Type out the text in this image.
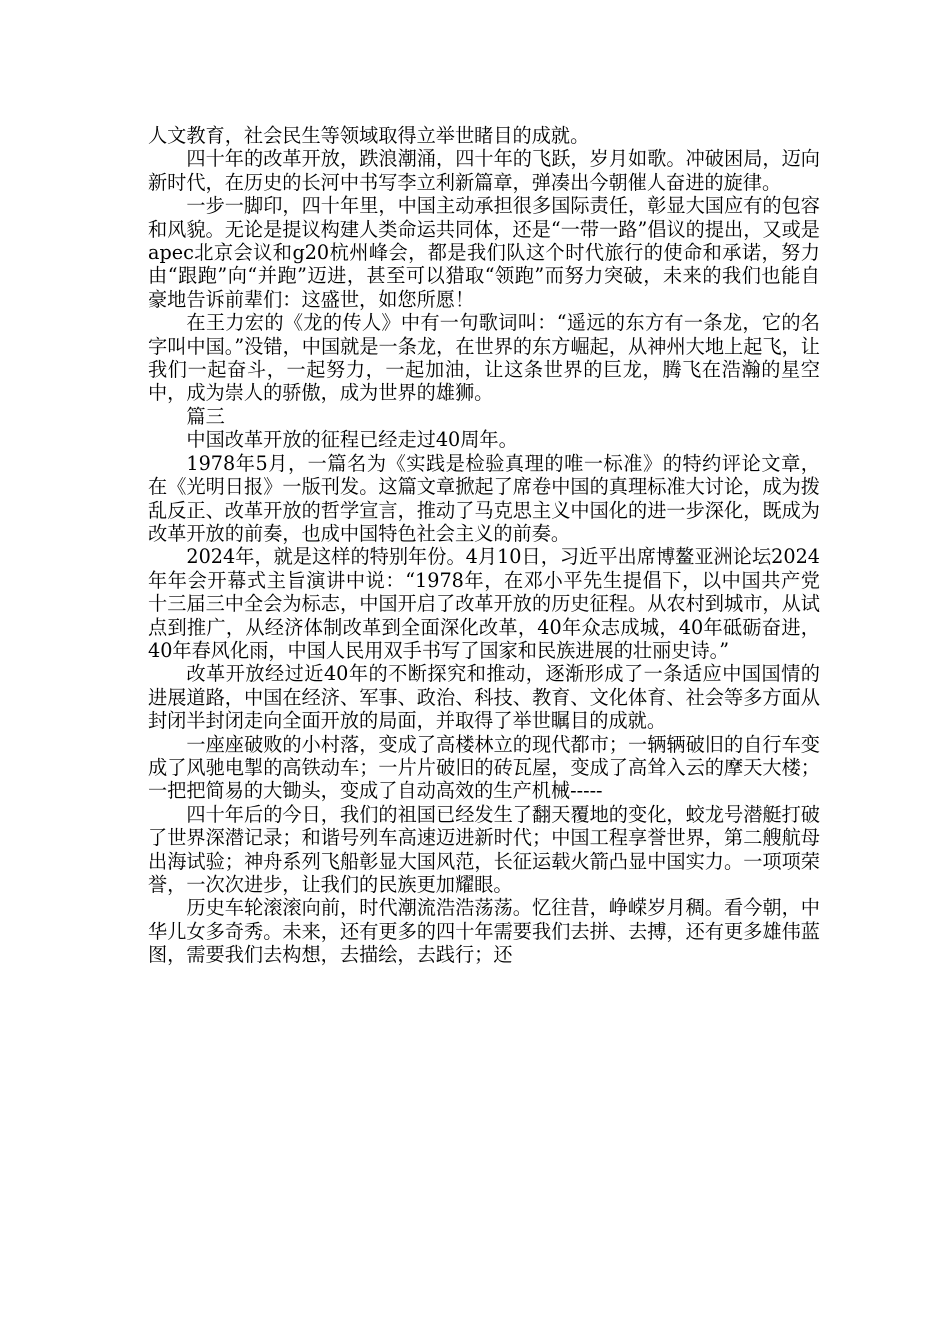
人文教育，社会民生等领域取得立举世睹目的成就。

四十年的改革开放，跌浪潮涌，四十年的飞跃，岁月如歌。冲破困局，迈向新时代，在历史的长河中书写李立利新篇章，弹凑出今朝催人奋进的旋律。

一步一脚印，四十年里，中国主动承担很多国际责任，彰显大国应有的包容和风貌。无论是提议构建人类命运共同体，还是“一带一路”倡议的提出，又或是apec北京会议和g20杭州峰会，都是我们队这个时代旅行的使命和承诺，努力由“跟跑”向“并跑”迈进，甚至可以猎取“领跑”而努力突破，未来的我们也能自豪地告诉前辈们：这盛世，如您所愿！

在王力宏的《龙的传人》中有一句歌词叫：“遥远的东方有一条龙，它的名字叫中国。”没错，中国就是一条龙，在世界的东方崛起，从神州大地上起飞，让我们一起奋斗，一起努力，一起加油，让这条世界的巨龙，腾飞在浩瀚的星空中，成为崇人的骄傲，成为世界的雄狮。

篇三

中国改革开放的征程已经走过40周年。

1978年5月，一篇名为《实践是检验真理的唯一标准》的特约评论文章，在《光明日报》一版刊发。这篇文章掀起了席卷中国的真理标准大讨论，成为拨乱反正、改革开放的哲学宣言，推动了马克思主义中国化的进一步深化，既成为改革开放的前奏，也成中国特色社会主义的前奏。

2024年，就是这样的特别年份。4月10日，习近平出席博鳌亚洲论坛2024年年会开幕式主旨演讲中说：“1978年，在邓小平先生提倡下，以中国共产党十三届三中全会为标志，中国开启了改革开放的历史征程。从农村到城市，从试点到推广，从经济体制改革到全面深化改革，40年众志成城，40年砥砺奋进，40年春风化雨，中国人民用双手书写了国家和民族进展的壮丽史诗。”

改革开放经过近40年的不断探究和推动，逐渐形成了一条适应中国国情的进展道路，中国在经济、军事、政治、科技、教育、文化体育、社会等多方面从封闭半封闭走向全面开放的局面，并取得了举世瞩目的成就。

一座座破败的小村落，变成了高楼林立的现代都市；一辆辆破旧的自行车变成了风驰电掣的高铁动车；一片片破旧的砖瓦屋，变成了高耸入云的摩天大楼；一把把简易的大锄头，变成了自动高效的生产机械-----

四十年后的今日，我们的祖国已经发生了翻天覆地的变化，蛟龙号潜艇打破了世界深潜记录；和谐号列车高速迈进新时代；中国工程享誉世界，第二艘航母出海试验；神舟系列飞船彰显大国风范，长征运载火箭凸显中国实力。一项项荣誉，一次次进步，让我们的民族更加耀眼。

历史车轮滚滚向前，时代潮流浩浩荡荡。忆往昔，峥嵘岁月稠。看今朝，中华儿女多奇秀。未来，还有更多的四十年需要我们去拼、去搏，还有更多雄伟蓝图，需要我们去构想，去描绘，去践行；还
